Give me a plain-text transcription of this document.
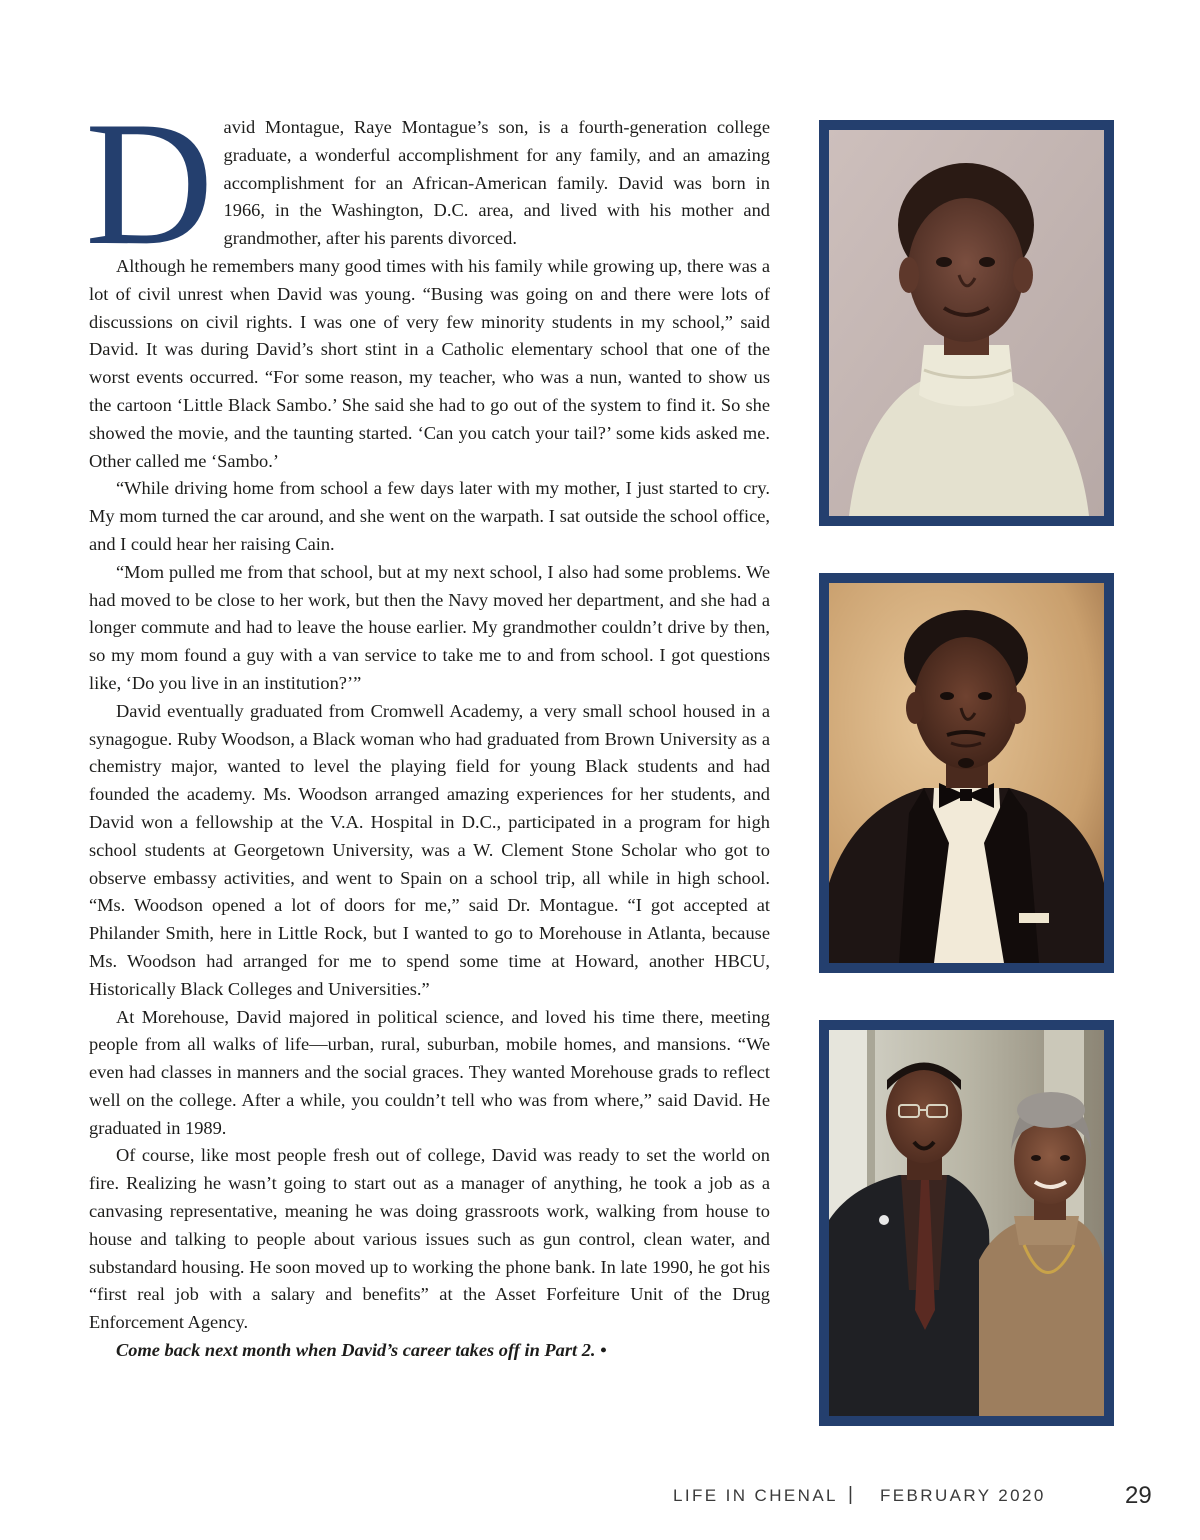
David Montague, Raye Montague’s son, is a fourth-generation college graduate, a wonderful accomplishment for any family, and an amazing accomplishment for an African-American family. David was born in 1966, in the Washington, D.C. area, and lived with his mother and grandmother, after his parents divorced.

Although he remembers many good times with his family while growing up, there was a lot of civil unrest when David was young. “Busing was going on and there were lots of discussions on civil rights. I was one of very few minority students in my school,” said David. It was during David’s short stint in a Catholic elementary school that one of the worst events occurred. “For some reason, my teacher, who was a nun, wanted to show us the cartoon ‘Little Black Sambo.’ She said she had to go out of the system to find it. So she showed the movie, and the taunting started. ‘Can you catch your tail?’ some kids asked me. Other called me ‘Sambo.’

“While driving home from school a few days later with my mother, I just started to cry. My mom turned the car around, and she went on the warpath. I sat outside the school office, and I could hear her raising Cain.

“Mom pulled me from that school, but at my next school, I also had some problems. We had moved to be close to her work, but then the Navy moved her department, and she had a longer commute and had to leave the house earlier. My grandmother couldn’t drive by then, so my mom found a guy with a van service to take me to and from school. I got questions like, ‘Do you live in an institution?’”

David eventually graduated from Cromwell Academy, a very small school housed in a synagogue. Ruby Woodson, a Black woman who had graduated from Brown University as a chemistry major, wanted to level the playing field for young Black students and had founded the academy. Ms. Woodson arranged amazing experiences for her students, and David won a fellowship at the V.A. Hospital in D.C., participated in a program for high school students at Georgetown University, was a W. Clement Stone Scholar who got to observe embassy activities, and went to Spain on a school trip, all while in high school. “Ms. Woodson opened a lot of doors for me,” said Dr. Montague. “I got accepted at Philander Smith, here in Little Rock, but I wanted to go to Morehouse in Atlanta, because Ms. Woodson had arranged for me to spend some time at Howard, another HBCU, Historically Black Colleges and Universities.”

At Morehouse, David majored in political science, and loved his time there, meeting people from all walks of life—urban, rural, suburban, mobile homes, and mansions. “We even had classes in manners and the social graces. They wanted Morehouse grads to reflect well on the college. After a while, you couldn’t tell who was from where,” said David. He graduated in 1989.

Of course, like most people fresh out of college, David was ready to set the world on fire. Realizing he wasn’t going to start out as a manager of anything, he took a job as a canvasing representative, meaning he was doing grassroots work, walking from house to house and talking to people about various issues such as gun control, clean water, and substandard housing. He soon moved up to working the phone bank. In late 1990, he got his “first real job with a salary and benefits” at the Asset Forfeiture Unit of the Drug Enforcement Agency.

Come back next month when David’s career takes off in Part 2. •

LIFE IN CHENAL | FEBRUARY 2020	29
